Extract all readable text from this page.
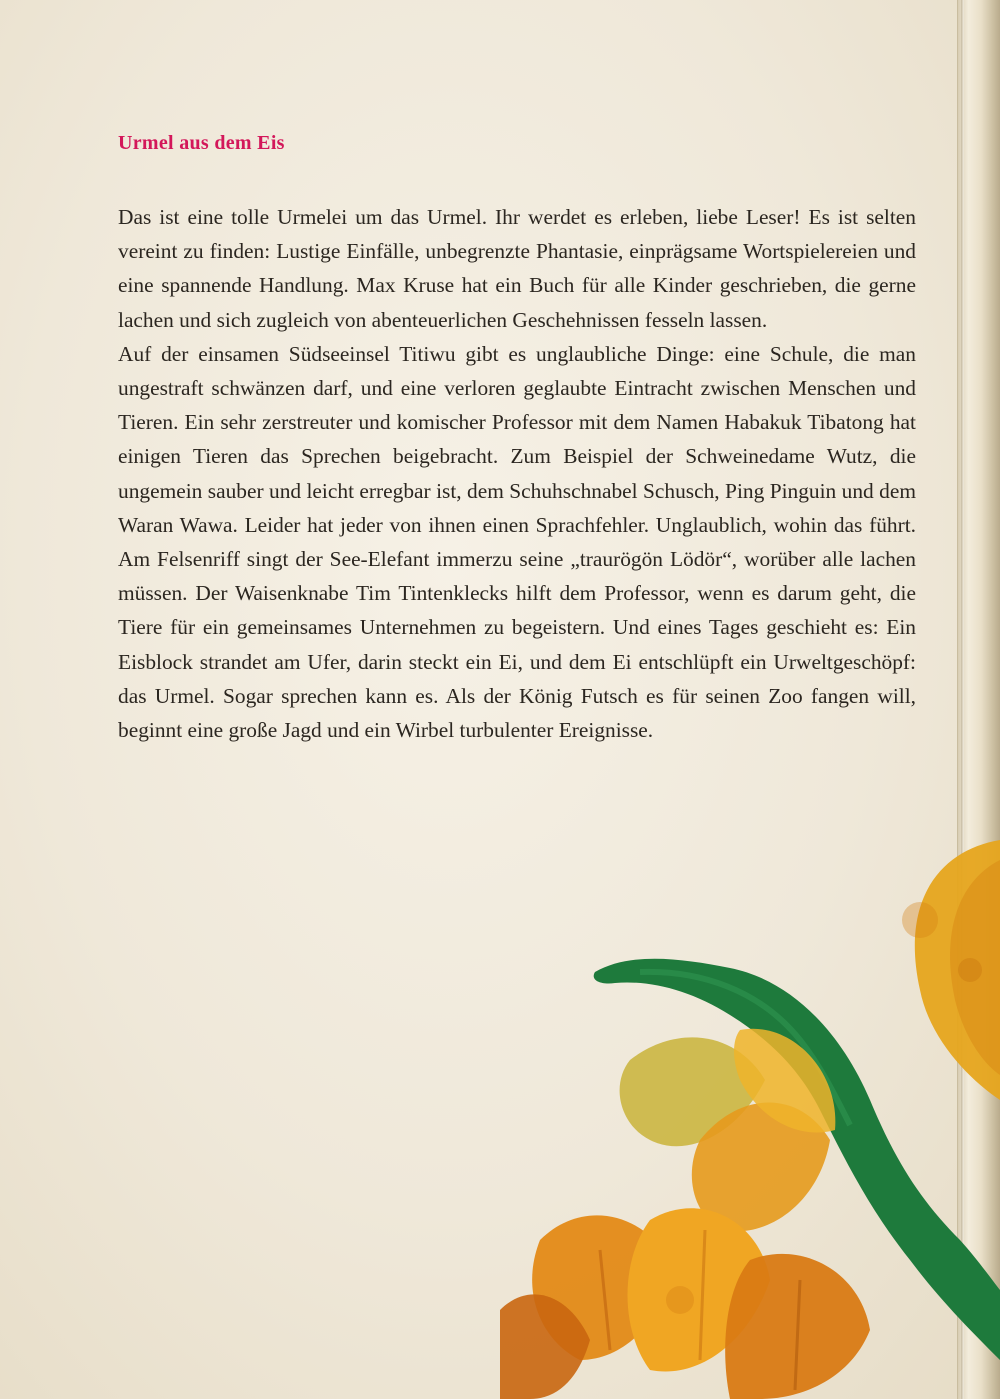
Urmel aus dem Eis

Das ist eine tolle Urmelei um das Urmel. Ihr werdet es erleben, liebe Leser! Es ist selten vereint zu finden: Lustige Einfälle, unbegrenzte Phantasie, einprägsame Wortspielereien und eine spannende Handlung. Max Kruse hat ein Buch für alle Kinder geschrieben, die gerne lachen und sich zugleich von abenteuerlichen Geschehnissen fesseln lassen.

Auf der einsamen Südseeinsel Titiwu gibt es unglaubliche Dinge: eine Schule, die man ungestraft schwänzen darf, und eine verloren geglaubte Eintracht zwischen Menschen und Tieren. Ein sehr zerstreuter und komischer Professor mit dem Namen Habakuk Tibatong hat einigen Tieren das Sprechen beigebracht. Zum Beispiel der Schweinedame Wutz, die ungemein sauber und leicht erregbar ist, dem Schuhschnabel Schusch, Ping Pinguin und dem Waran Wawa. Leider hat jeder von ihnen einen Sprachfehler. Unglaublich, wohin das führt. Am Felsenriff singt der See-Elefant immerzu seine „traurögön Lödör“, worüber alle lachen müssen. Der Waisenknabe Tim Tintenklecks hilft dem Professor, wenn es darum geht, die Tiere für ein gemeinsames Unternehmen zu begeistern. Und eines Tages geschieht es: Ein Eisblock strandet am Ufer, darin steckt ein Ei, und dem Ei entschlüpft ein Urweltgeschöpf: das Urmel. Sogar sprechen kann es. Als der König Futsch es für seinen Zoo fangen will, beginnt eine große Jagd und ein Wirbel turbulenter Ereignisse.
